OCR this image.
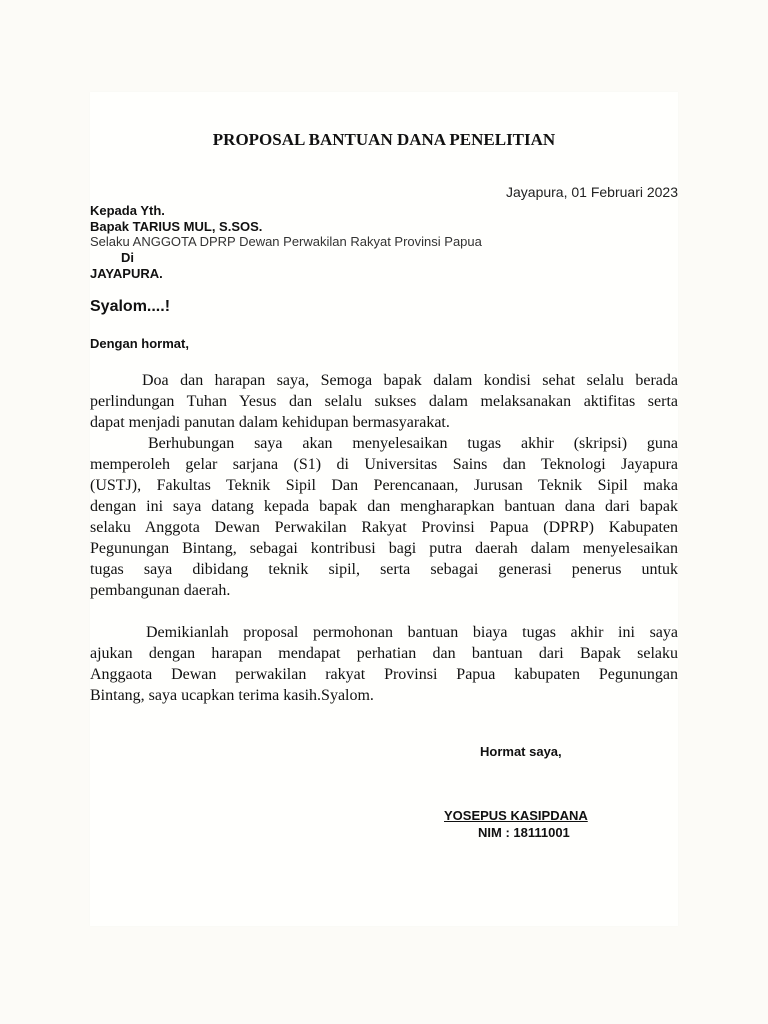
PROPOSAL BANTUAN DANA PENELITIAN
Jayapura, 01 Februari 2023
Kepada Yth.
Bapak TARIUS MUL, S.SOS.
Selaku ANGGOTA DPRP Dewan Perwakilan Rakyat Provinsi Papua
Di
JAYAPURA.
Syalom....!
Dengan hormat,
Doa dan harapan saya, Semoga bapak dalam kondisi sehat selalu berada
perlindungan Tuhan Yesus dan selalu sukses dalam melaksanakan aktifitas serta
dapat menjadi panutan dalam kehidupan bermasyarakat.
Berhubungan saya akan menyelesaikan tugas akhir (skripsi) guna
memperoleh gelar sarjana (S1) di Universitas Sains dan Teknologi Jayapura
(USTJ), Fakultas Teknik Sipil Dan Perencanaan, Jurusan Teknik Sipil maka
dengan ini saya datang kepada bapak dan mengharapkan bantuan dana dari bapak
selaku Anggota Dewan Perwakilan Rakyat Provinsi Papua (DPRP) Kabupaten
Pegunungan Bintang, sebagai kontribusi bagi putra daerah dalam menyelesaikan
tugas saya dibidang teknik sipil, serta sebagai generasi penerus untuk
pembangunan daerah.
Demikianlah proposal permohonan bantuan biaya tugas akhir ini saya
ajukan dengan harapan mendapat perhatian dan bantuan dari Bapak selaku
Anggaota Dewan perwakilan rakyat Provinsi Papua kabupaten Pegunungan
Bintang, saya ucapkan terima kasih.Syalom.
Hormat saya,
YOSEPUS KASIPDANA
NIM : 18111001
